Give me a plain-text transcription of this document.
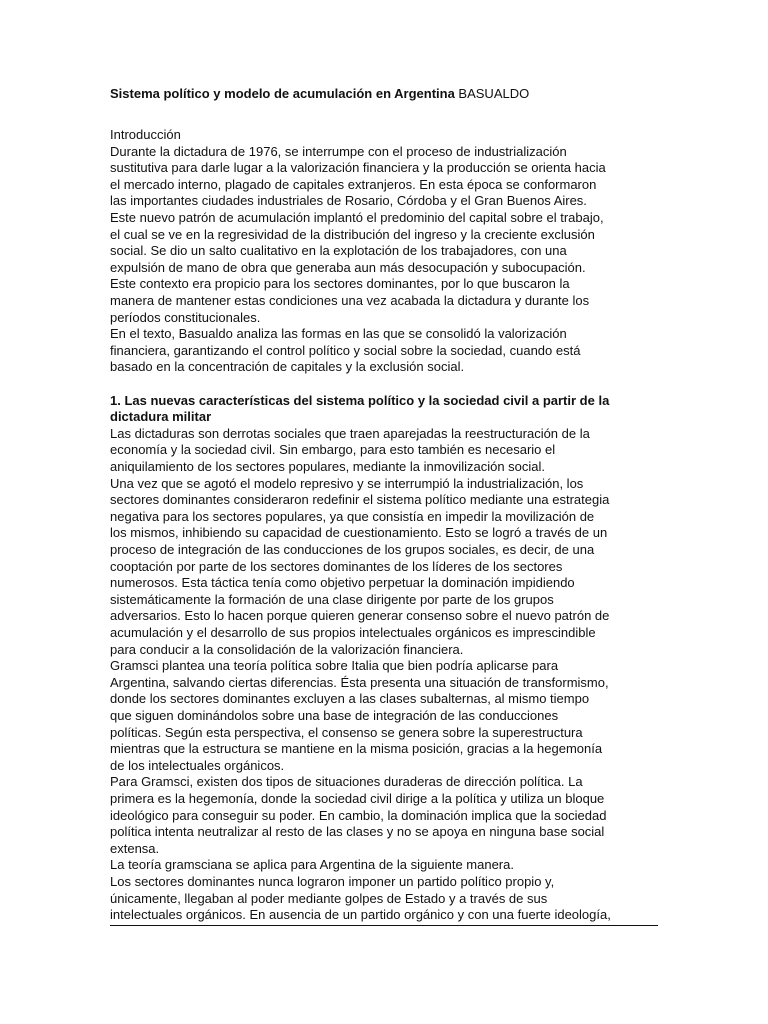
Sistema político y modelo de acumulación en Argentina BASUALDO
Introducción
Durante la dictadura de 1976, se interrumpe con el proceso de industrialización
sustitutiva para darle lugar a la valorización financiera y la producción se orienta hacia
el mercado interno, plagado de capitales extranjeros. En esta época se conformaron
las importantes ciudades industriales de Rosario, Córdoba y el Gran Buenos Aires.
Este nuevo patrón de acumulación implantó el predominio del capital sobre el trabajo,
el cual se ve en la regresividad de la distribución del ingreso y la creciente exclusión
social. Se dio un salto cualitativo en la explotación de los trabajadores, con una
expulsión de mano de obra que generaba aun más desocupación y subocupación.
Este contexto era propicio para los sectores dominantes, por lo que buscaron la
manera de mantener estas condiciones una vez acabada la dictadura y durante los
períodos constitucionales.
En el texto, Basualdo analiza las formas en las que se consolidó la valorización
financiera, garantizando el control político y social sobre la sociedad, cuando está
basado en la concentración de capitales y la exclusión social.
1. Las nuevas características del sistema político y la sociedad civil a partir de la
dictadura militar
Las dictaduras son derrotas sociales que traen aparejadas la reestructuración de la
economía y la sociedad civil. Sin embargo, para esto también es necesario el
aniquilamiento de los sectores populares, mediante la inmovilización social.
Una vez que se agotó el modelo represivo y se interrumpió la industrialización, los
sectores dominantes consideraron redefinir el sistema político mediante una estrategia
negativa para los sectores populares, ya que consistía en impedir la movilización de
los mismos, inhibiendo su capacidad de cuestionamiento. Esto se logró a través de un
proceso de integración de las conducciones de los grupos sociales, es decir, de una
cooptación por parte de los sectores dominantes de los líderes de los sectores
numerosos. Esta táctica tenía como objetivo perpetuar la dominación impidiendo
sistemáticamente la formación de una clase dirigente por parte de los grupos
adversarios. Esto lo hacen porque quieren generar consenso sobre el nuevo patrón de
acumulación y el desarrollo de sus propios intelectuales orgánicos es imprescindible
para conducir a la consolidación de la valorización financiera.
Gramsci plantea una teoría política sobre Italia que bien podría aplicarse para
Argentina, salvando ciertas diferencias. Ésta presenta una situación de transformismo,
donde los sectores dominantes excluyen a las clases subalternas, al mismo tiempo
que siguen dominándolos sobre una base de integración de las conducciones
políticas. Según esta perspectiva, el consenso se genera sobre la superestructura
mientras que la estructura se mantiene en la misma posición, gracias a la hegemonía
de los intelectuales orgánicos.
Para Gramsci, existen dos tipos de situaciones duraderas de dirección política. La
primera es la hegemonía, donde la sociedad civil dirige a la política y utiliza un bloque
ideológico para conseguir su poder. En cambio, la dominación implica que la sociedad
política intenta neutralizar al resto de las clases y no se apoya en ninguna base social
extensa.
La teoría gramsciana se aplica para Argentina de la siguiente manera.
Los sectores dominantes nunca lograron imponer un partido político propio y,
únicamente, llegaban al poder mediante golpes de Estado y a través de sus
intelectuales orgánicos. En ausencia de un partido orgánico y con una fuerte ideología,
